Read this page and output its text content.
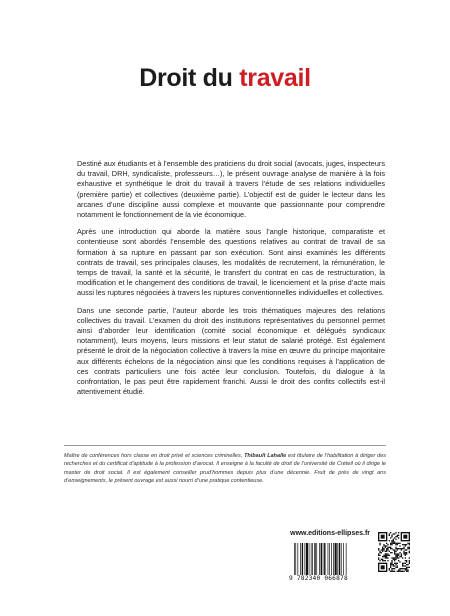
Droit du travail

Destiné aux étudiants et à l’ensemble des praticiens du droit social (avocats, juges, inspecteurs du travail, DRH, syndicaliste, professeurs…), le présent ouvrage analyse de manière à la fois exhaustive et synthétique le droit du travail à travers l’étude de ses relations individuelles (première partie) et collectives (deuxième partie). L’objectif est de guider le lecteur dans les arcanes d’une discipline aussi complexe et mouvante que passionnante pour comprendre notamment le fonctionnement de la vie économique.

Après une introduction qui aborde la matière sous l’angle historique, comparatiste et contentieuse sont abordés l’ensemble des questions relatives au contrat de travail de sa formation à sa rupture en passant par son exécution. Sont ainsi examinés les différents contrats de travail, ses principales clauses, les modalités de recrutement, la rémunération, le temps de travail, la santé et la sécurité, le transfert du contrat en cas de restructuration, la modification et le changement des conditions de travail, le licenciement et la prise d’acte mais aussi les ruptures négociées à travers les ruptures conventionnelles individuelles et collectives.

Dans une seconde partie, l’auteur aborde les trois thématiques majeures des relations collectives du travail. L’examen du droit des institutions représentatives du personnel permet ainsi d’aborder leur identification (comité social économique et délégués syndicaux notamment), leurs moyens, leurs missions et leur statut de salarié protégé. Est également présenté le droit de la négociation collective à travers la mise en œuvre du principe majoritaire aux différents échelons de la négociation ainsi que les conditions requises à l’application de ces contrats particuliers une fois actée leur conclusion. Toutefois, du dialogue à la confrontation, le pas peut être rapidement franchi. Aussi le droit des confits collectifs est-il attentivement étudié.

Maître de conférences hors classe en droit privé et sciences criminelles, Thibault Lahalle est titulaire de l’habilitation à diriger des recherches et du certificat d’aptitude à la profession d’avocat. Il enseigne à la faculté de droit de l’université de Créteil où il dirige le master de droit social. Il est également conseiller prud’hommes depuis plus d’une décennie. Fruit de près de vingt ans d’enseignements, le présent ouvrage est aussi nourri d’une pratique contentieuse.
www.editions-ellipses.fr
9 782340 066878
